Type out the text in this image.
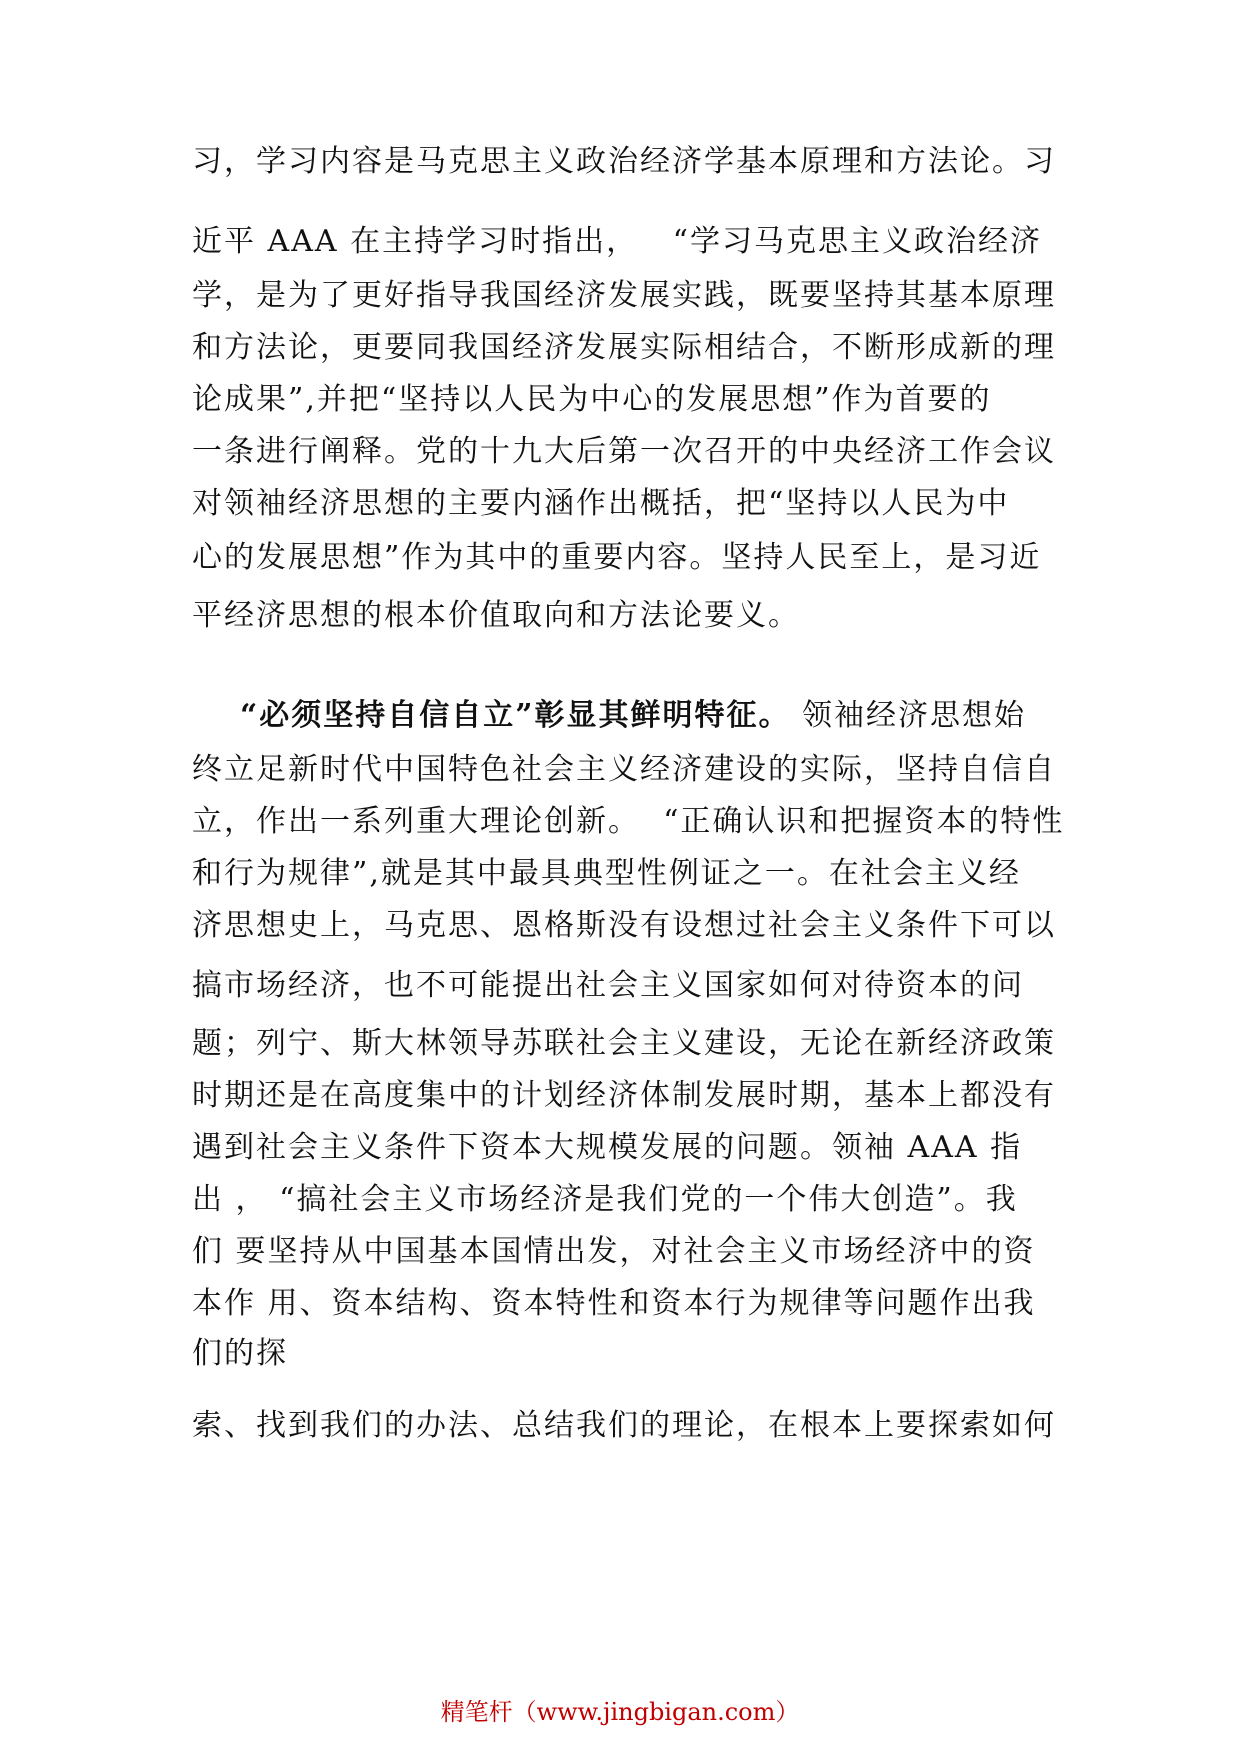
习，学习内容是马克思主义政治经济学基本原理和方法论。习
近平 AAA 在主持学习时指出，   “学习马克思主义政治经济
学，是为了更好指导我国经济发展实践，既要坚持其基本原理
和方法论，更要同我国经济发展实际相结合，不断形成新的理
论成果”,并把“坚持以人民为中心的发展思想”作为首要的
一条进行阐释。党的十九大后第一次召开的中央经济工作会议
对领袖经济思想的主要内涵作出概括，把“坚持以人民为中
心的发展思想”作为其中的重要内容。坚持人民至上，是习近
平经济思想的根本价值取向和方法论要义。
“必须坚持自信自立”彰显其鲜明特征。 领袖经济思想始
终立足新时代中国特色社会主义经济建设的实际，坚持自信自
立，作出一系列重大理论创新。  “正确认识和把握资本的特性
和行为规律”,就是其中最具典型性例证之一。在社会主义经
济思想史上，马克思、恩格斯没有设想过社会主义条件下可以
搞市场经济，也不可能提出社会主义国家如何对待资本的问
题；列宁、斯大林领导苏联社会主义建设，无论在新经济政策
时期还是在高度集中的计划经济体制发展时期，基本上都没有
遇到社会主义条件下资本大规模发展的问题。领袖 AAA 指
出 ， “搞社会主义市场经济是我们党的一个伟大创造”。我
们 要坚持从中国基本国情出发，对社会主义市场经济中的资
本作 用、资本结构、资本特性和资本行为规律等问题作出我
们的探
索、找到我们的办法、总结我们的理论，在根本上要探索如何
精笔杆（www.jingbigan.com）
